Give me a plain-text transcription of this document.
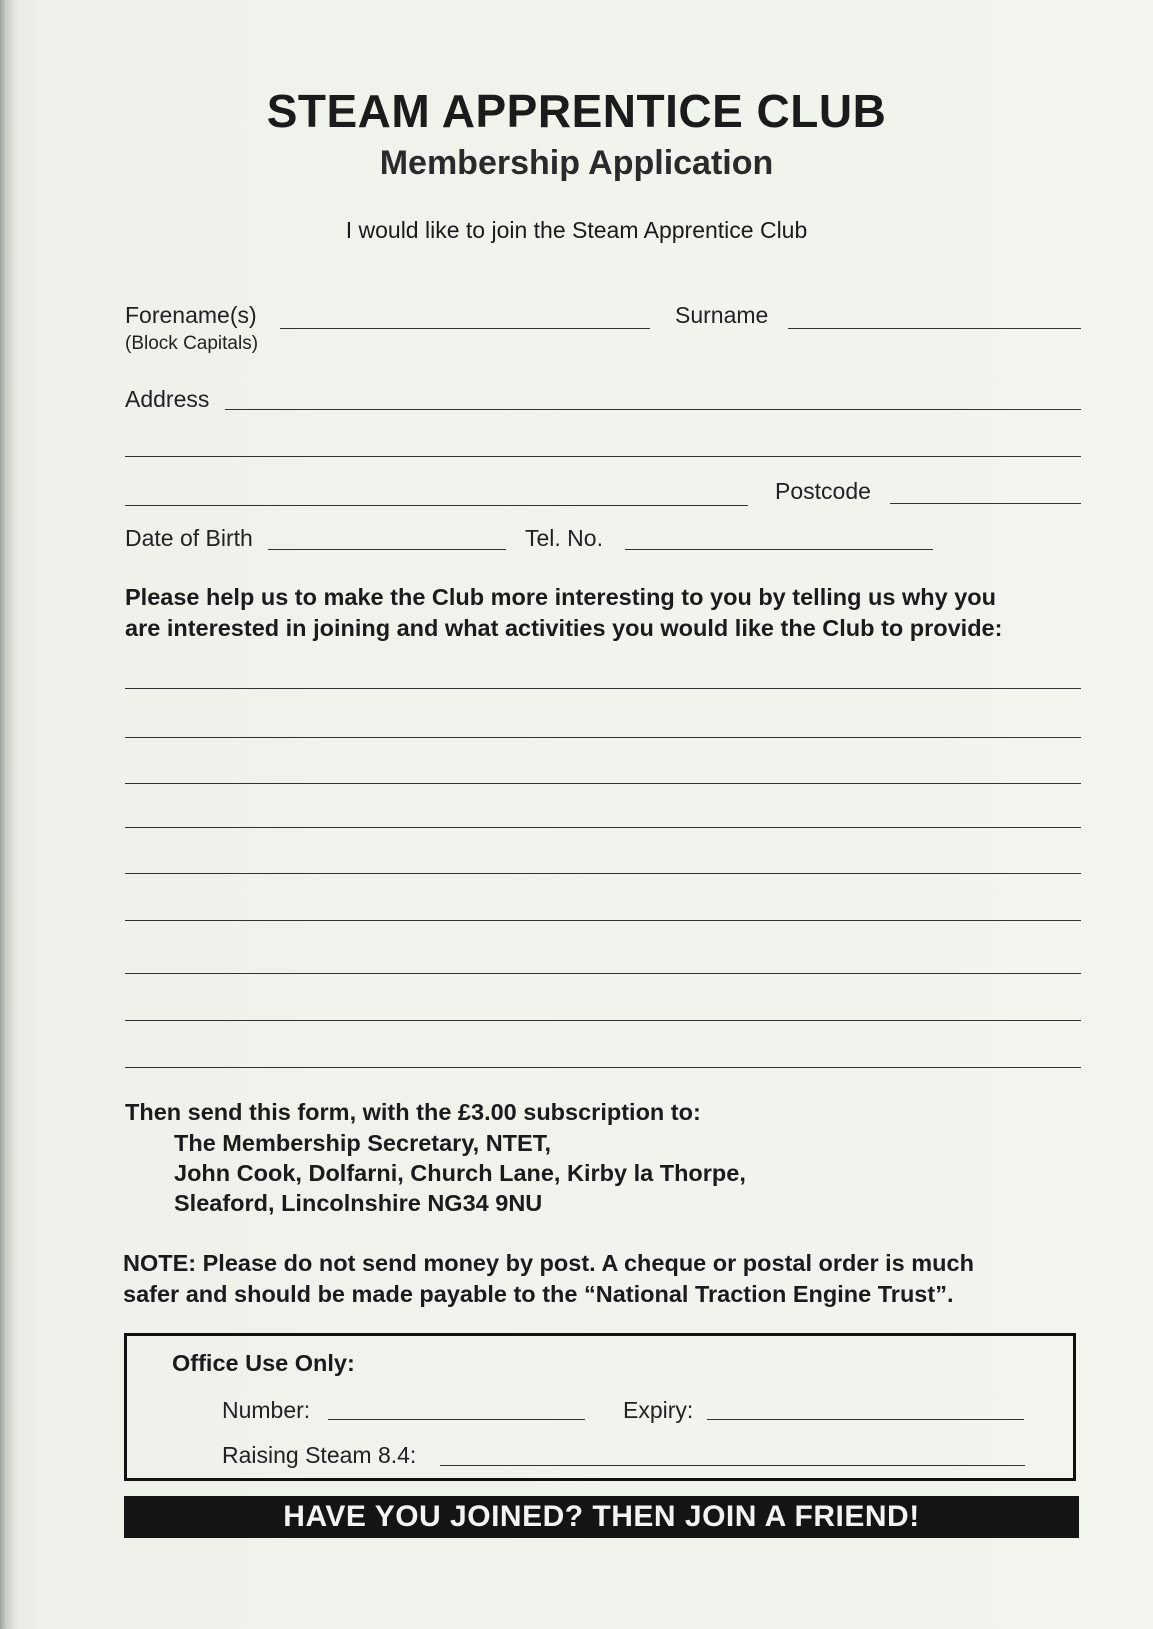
STEAM APPRENTICE CLUB
Membership Application
I would like to join the Steam Apprentice Club
Forename(s)
(Block Capitals)
Surname
Address
Postcode
Date of Birth	Tel. No.
Please help us to make the Club more interesting to you by telling us why you
are interested in joining and what activities you would like the Club to provide:
Then send this form, with the £3.00 subscription to:
The Membership Secretary, NTET,
John Cook, Dolfarni, Church Lane, Kirby la Thorpe,
Sleaford, Lincolnshire NG34 9NU
NOTE: Please do not send money by post. A cheque or postal order is much
safer and should be made payable to the “National Traction Engine Trust”.
Office Use Only:
Number:	Expiry:
Raising Steam 8.4:
HAVE YOU JOINED? THEN JOIN A FRIEND!
